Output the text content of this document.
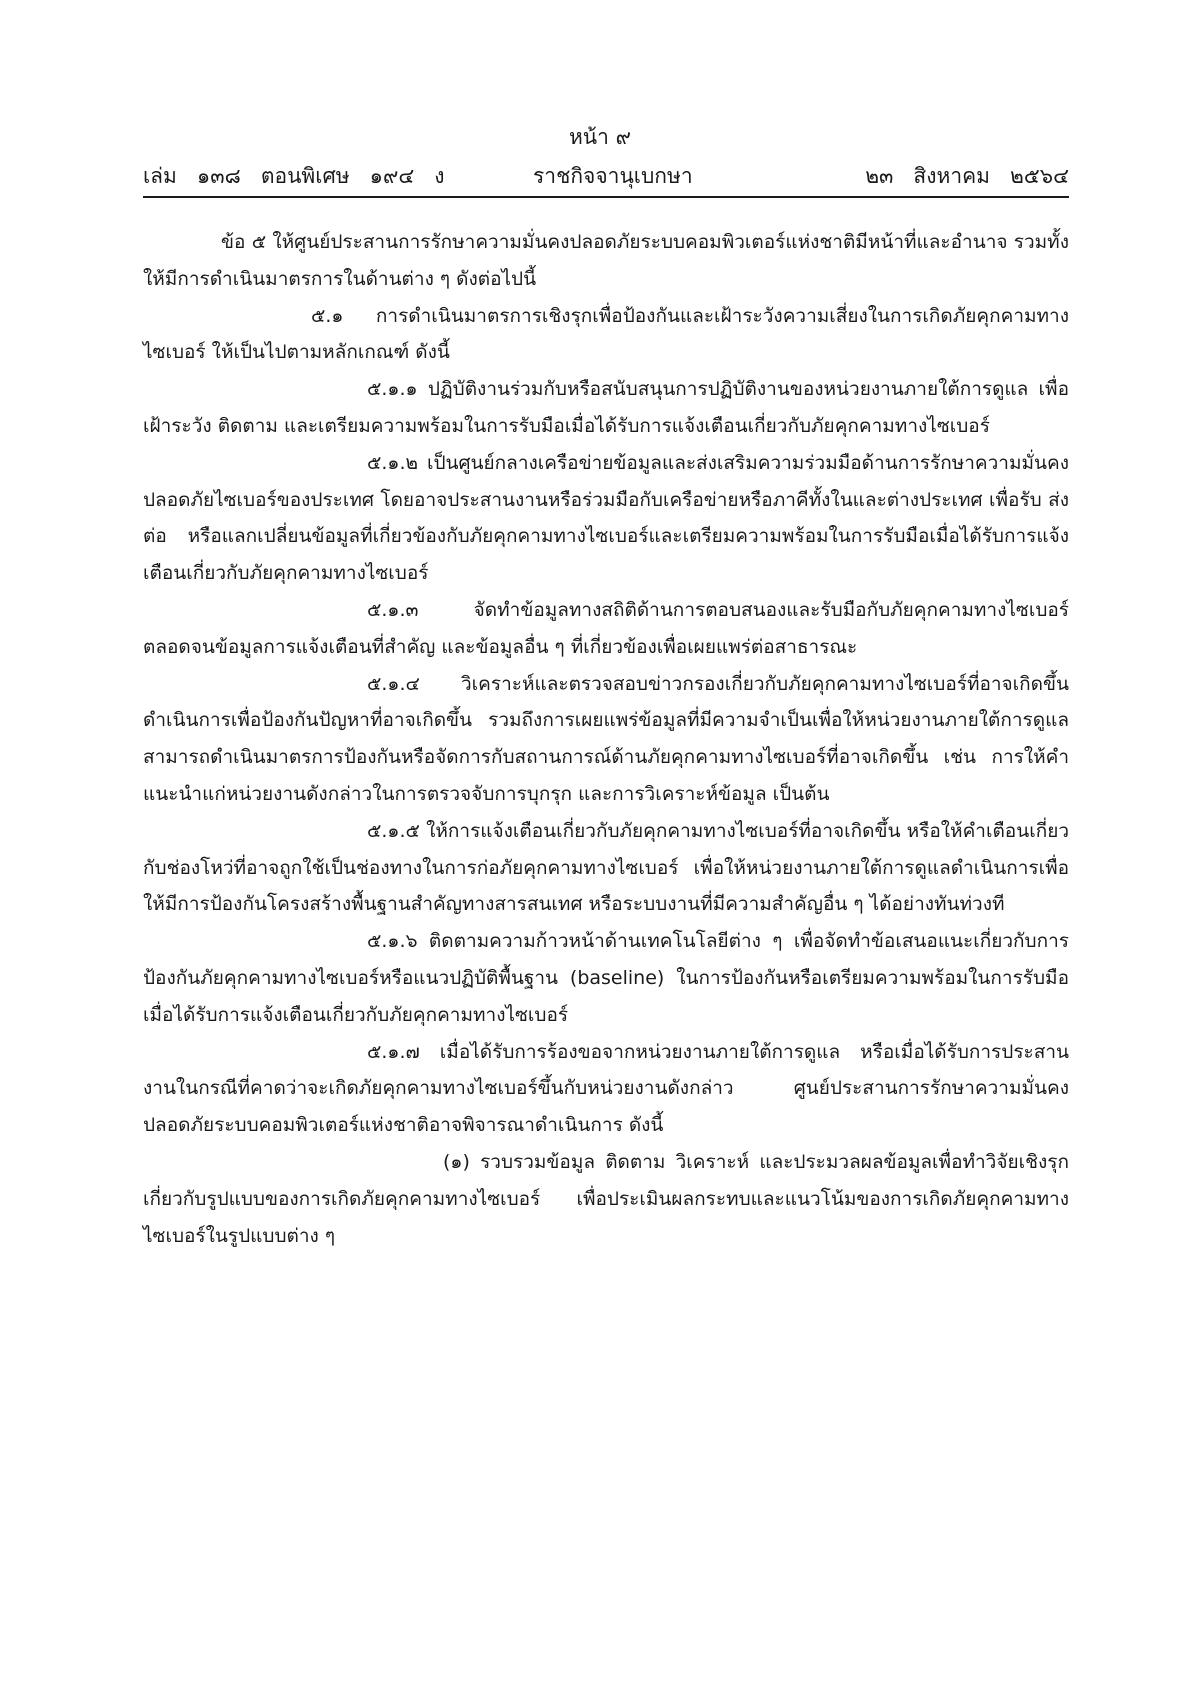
หน้า ๙
เล่ม   ๑๓๘   ตอนพิเศษ   ๑๙๔   ง	ราชกิจจานุเบกษา	๒๓   สิงหาคม   ๒๕๖๔

ข้อ ๕ ให้ศูนย์ประสานการรักษาความมั่นคงปลอดภัยระบบคอมพิวเตอร์แห่งชาติมีหน้าที่และอำนาจ รวมทั้งให้มีการดำเนินมาตรการในด้านต่าง ๆ ดังต่อไปนี้

๕.๑ การดำเนินมาตรการเชิงรุกเพื่อป้องกันและเฝ้าระวังความเสี่ยงในการเกิดภัยคุกคามทางไซเบอร์ ให้เป็นไปตามหลักเกณฑ์ ดังนี้

๕.๑.๑ ปฏิบัติงานร่วมกับหรือสนับสนุนการปฏิบัติงานของหน่วยงานภายใต้การดูแล เพื่อเฝ้าระวัง ติดตาม และเตรียมความพร้อมในการรับมือเมื่อได้รับการแจ้งเตือนเกี่ยวกับภัยคุกคามทางไซเบอร์

๕.๑.๒ เป็นศูนย์กลางเครือข่ายข้อมูลและส่งเสริมความร่วมมือด้านการรักษาความมั่นคงปลอดภัยไซเบอร์ของประเทศ โดยอาจประสานงานหรือร่วมมือกับเครือข่ายหรือภาคีทั้งในและต่างประเทศ เพื่อรับ ส่งต่อ หรือแลกเปลี่ยนข้อมูลที่เกี่ยวข้องกับภัยคุกคามทางไซเบอร์และเตรียมความพร้อมในการรับมือเมื่อได้รับการแจ้งเตือนเกี่ยวกับภัยคุกคามทางไซเบอร์

๕.๑.๓ จัดทำข้อมูลทางสถิติด้านการตอบสนองและรับมือกับภัยคุกคามทางไซเบอร์ ตลอดจนข้อมูลการแจ้งเตือนที่สำคัญ และข้อมูลอื่น ๆ ที่เกี่ยวข้องเพื่อเผยแพร่ต่อสาธารณะ

๕.๑.๔ วิเคราะห์และตรวจสอบข่าวกรองเกี่ยวกับภัยคุกคามทางไซเบอร์ที่อาจเกิดขึ้น ดำเนินการเพื่อป้องกันปัญหาที่อาจเกิดขึ้น รวมถึงการเผยแพร่ข้อมูลที่มีความจำเป็นเพื่อให้หน่วยงานภายใต้การดูแลสามารถดำเนินมาตรการป้องกันหรือจัดการกับสถานการณ์ด้านภัยคุกคามทางไซเบอร์ที่อาจเกิดขึ้น เช่น การให้คำแนะนำแก่หน่วยงานดังกล่าวในการตรวจจับการบุกรุก และการวิเคราะห์ข้อมูล เป็นต้น

๕.๑.๕ ให้การแจ้งเตือนเกี่ยวกับภัยคุกคามทางไซเบอร์ที่อาจเกิดขึ้น หรือให้คำเตือนเกี่ยวกับช่องโหว่ที่อาจถูกใช้เป็นช่องทางในการก่อภัยคุกคามทางไซเบอร์ เพื่อให้หน่วยงานภายใต้การดูแลดำเนินการเพื่อให้มีการป้องกันโครงสร้างพื้นฐานสำคัญทางสารสนเทศ หรือระบบงานที่มีความสำคัญอื่น ๆ ได้อย่างทันท่วงที

๕.๑.๖ ติดตามความก้าวหน้าด้านเทคโนโลยีต่าง ๆ เพื่อจัดทำข้อเสนอแนะเกี่ยวกับการป้องกันภัยคุกคามทางไซเบอร์หรือแนวปฏิบัติพื้นฐาน (baseline) ในการป้องกันหรือเตรียมความพร้อมในการรับมือเมื่อได้รับการแจ้งเตือนเกี่ยวกับภัยคุกคามทางไซเบอร์

๕.๑.๗ เมื่อได้รับการร้องขอจากหน่วยงานภายใต้การดูแล หรือเมื่อได้รับการประสานงานในกรณีที่คาดว่าจะเกิดภัยคุกคามทางไซเบอร์ขึ้นกับหน่วยงานดังกล่าว ศูนย์ประสานการรักษาความมั่นคงปลอดภัยระบบคอมพิวเตอร์แห่งชาติอาจพิจารณาดำเนินการ ดังนี้

(๑) รวบรวมข้อมูล ติดตาม วิเคราะห์ และประมวลผลข้อมูลเพื่อทำวิจัยเชิงรุกเกี่ยวกับรูปแบบของการเกิดภัยคุกคามทางไซเบอร์ เพื่อประเมินผลกระทบและแนวโน้มของการเกิดภัยคุกคามทางไซเบอร์ในรูปแบบต่าง ๆ
